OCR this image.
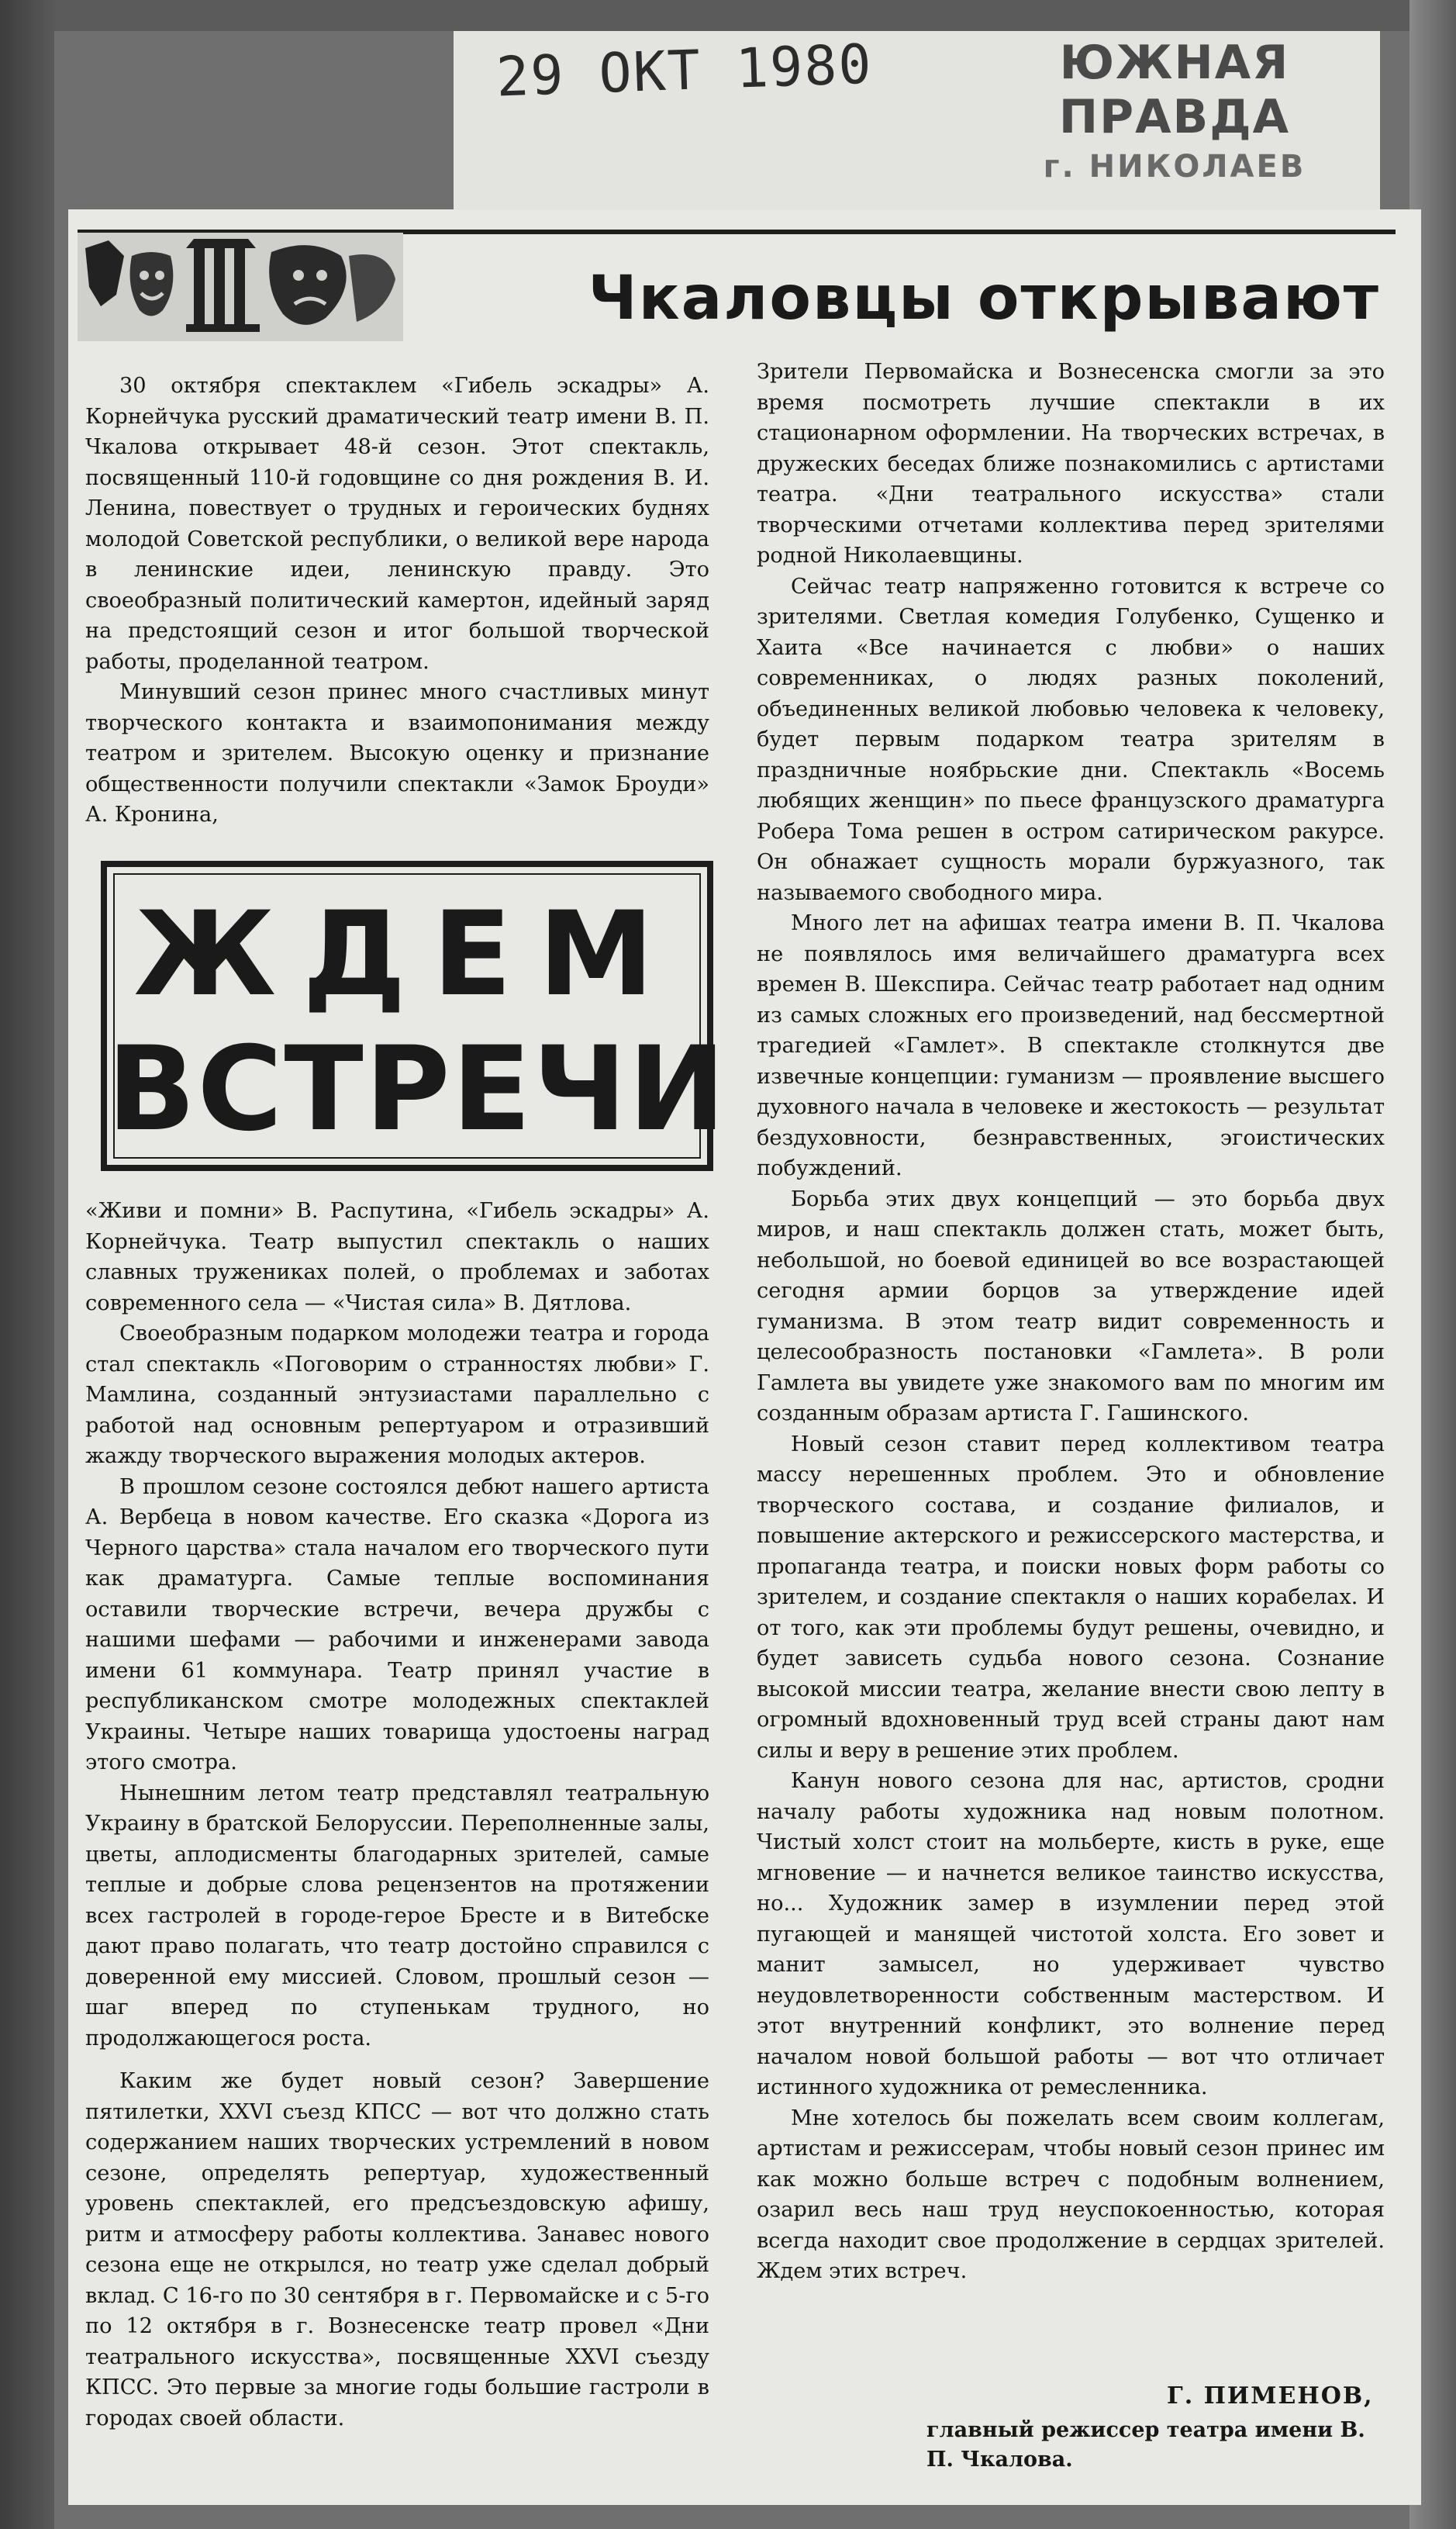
29 ОКТ 1980	ЮЖНАЯ ПРАВДА
г. НИКОЛАЕВ
Чкаловцы открывают

30 октября спектаклем «Гибель эскадры» А. Корнейчука русский драматический театр имени В. П. Чкалова открывает 48-й сезон. Этот спектакль, посвященный 110-й годовщине со дня рождения В. И. Ленина, повествует о трудных и героических буднях молодой Советской республики, о великой вере народа в ленинские идеи, ленинскую правду. Это своеобразный политический камертон, идейный заряд на предстоящий сезон и итог большой творческой работы, проделанной театром.

Минувший сезон принес много счастливых минут творческого контакта и взаимопонимания между театром и зрителем. Высокую оценку и признание общественности получили спектакли «Замок Броуди» А. Кронина,

ЖДЕМ
ВСТРЕЧИ

«Живи и помни» В. Распутина, «Гибель эскадры» А. Корнейчука. Театр выпустил спектакль о наших славных тружениках полей, о проблемах и заботах современного села — «Чистая сила» В. Дятлова.

Своеобразным подарком молодежи театра и города стал спектакль «Поговорим о странностях любви» Г. Мамлина, созданный энтузиастами параллельно с работой над основным репертуаром и отразивший жажду творческого выражения молодых актеров.

В прошлом сезоне состоялся дебют нашего артиста А. Вербеца в новом качестве. Его сказка «Дорога из Черного царства» стала началом его творческого пути как драматурга. Самые теплые воспоминания оставили творческие встречи, вечера дружбы с нашими шефами — рабочими и инженерами завода имени 61 коммунара. Театр принял участие в республиканском смотре молодежных спектаклей Украины. Четыре наших товарища удостоены наград этого смотра.

Нынешним летом театр представлял театральную Украину в братской Белоруссии. Переполненные залы, цветы, аплодисменты благодарных зрителей, самые теплые и добрые слова рецензентов на протяжении всех гастролей в городе-герое Бресте и в Витебске дают право полагать, что театр достойно справился с доверенной ему миссией. Словом, прошлый сезон — шаг вперед по ступенькам трудного, но продолжающегося роста.

Каким же будет новый сезон? Завершение пятилетки, XXVI съезд КПСС — вот что должно стать содержанием наших творческих устремлений в новом сезоне, определять репертуар, художественный уровень спектаклей, его предсъездовскую афишу, ритм и атмосферу работы коллектива. Занавес нового сезона еще не открылся, но театр уже сделал добрый вклад. С 16-го по 30 сентября в г. Первомайске и с 5-го по 12 октября в г. Вознесенске театр провел «Дни театрального искусства», посвященные XXVI съезду КПСС. Это первые за многие годы большие гастроли в городах своей области.

Зрители Первомайска и Вознесенска смогли за это время посмотреть лучшие спектакли в их стационарном оформлении. На творческих встречах, в дружеских беседах ближе познакомились с артистами театра. «Дни театрального искусства» стали творческими отчетами коллектива перед зрителями родной Николаевщины.

Сейчас театр напряженно готовится к встрече со зрителями. Светлая комедия Голубенко, Сущенко и Хаита «Все начинается с любви» о наших современниках, о людях разных поколений, объединенных великой любовью человека к человеку, будет первым подарком театра зрителям в праздничные ноябрьские дни. Спектакль «Восемь любящих женщин» по пьесе французского драматурга Робера Тома решен в остром сатирическом ракурсе. Он обнажает сущность морали буржуазного, так называемого свободного мира.

Много лет на афишах театра имени В. П. Чкалова не появлялось имя величайшего драматурга всех времен В. Шекспира. Сейчас театр работает над одним из самых сложных его произведений, над бессмертной трагедией «Гамлет». В спектакле столкнутся две извечные концепции: гуманизм — проявление высшего духовного начала в человеке и жестокость — результат бездуховности, безнравственных, эгоистических побуждений.

Борьба этих двух концепций — это борьба двух миров, и наш спектакль должен стать, может быть, небольшой, но боевой единицей во все возрастающей сегодня армии борцов за утверждение идей гуманизма. В этом театр видит современность и целесообразность постановки «Гамлета». В роли Гамлета вы увидете уже знакомого вам по многим им созданным образам артиста Г. Гашинского.

Новый сезон ставит перед коллективом театра массу нерешенных проблем. Это и обновление творческого состава, и создание филиалов, и повышение актерского и режиссерского мастерства, и пропаганда театра, и поиски новых форм работы со зрителем, и создание спектакля о наших корабелах. И от того, как эти проблемы будут решены, очевидно, и будет зависеть судьба нового сезона. Сознание высокой миссии театра, желание внести свою лепту в огромный вдохновенный труд всей страны дают нам силы и веру в решение этих проблем.

Канун нового сезона для нас, артистов, сродни началу работы художника над новым полотном. Чистый холст стоит на мольберте, кисть в руке, еще мгновение — и начнется великое таинство искусства, но... Художник замер в изумлении перед этой пугающей и манящей чистотой холста. Его зовет и манит замысел, но удерживает чувство неудовлетворенности собственным мастерством. И этот внутренний конфликт, это волнение перед началом новой большой работы — вот что отличает истинного художника от ремесленника.

Мне хотелось бы пожелать всем своим коллегам, артистам и режиссерам, чтобы новый сезон принес им как можно больше встреч с подобным волнением, озарил весь наш труд неуспокоенностью, которая всегда находит свое продолжение в сердцах зрителей. Ждем этих встреч.

Г. ПИМЕНОВ,
главный режиссер театра имени В. П. Чкалова.
